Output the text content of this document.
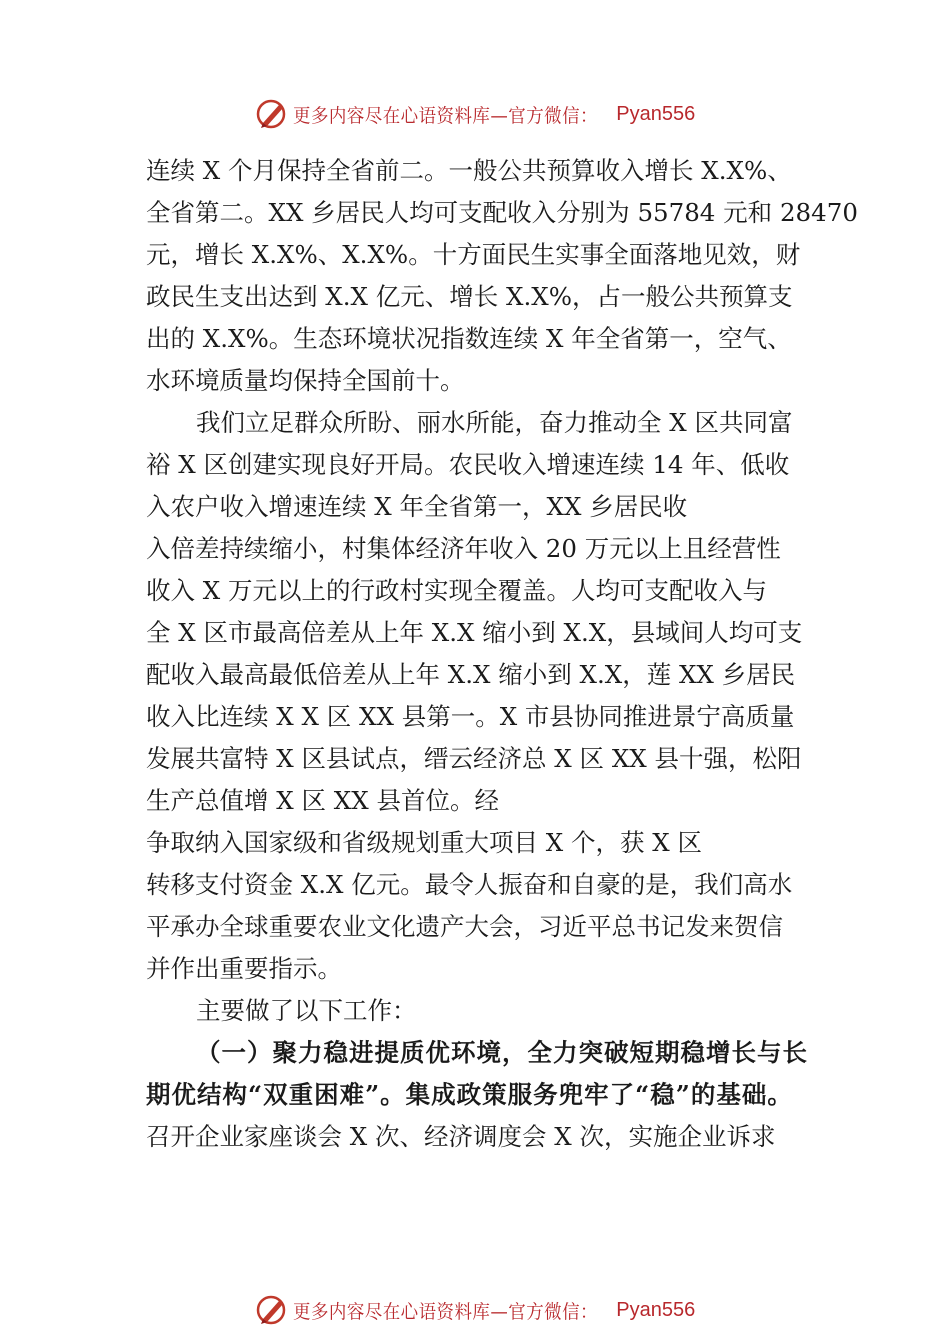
更多内容尽在心语资料库—官方微信： Pyan556
连续 X 个月保持全省前二。一般公共预算收入增长 X.X%、
全省第二。XX 乡居民人均可支配收入分别为 55784 元和 28470
元，增长 X.X%、X.X%。十方面民生实事全面落地见效，财
政民生支出达到 X.X 亿元、增长 X.X%，占一般公共预算支
出的 X.X%。生态环境状况指数连续 X 年全省第一，空气、
水环境质量均保持全国前十。
我们立足群众所盼、丽水所能，奋力推动全 X 区共同富
裕 X 区创建实现良好开局。农民收入增速连续 14 年、低收
入农户收入增速连续 X 年全省第一，XX 乡居民收
入倍差持续缩小，村集体经济年收入 20 万元以上且经营性
收入 X 万元以上的行政村实现全覆盖。人均可支配收入与
全 X 区市最高倍差从上年 X.X 缩小到 X.X，县域间人均可支
配收入最高最低倍差从上年 X.X 缩小到 X.X，莲 XX 乡居民
收入比连续 X X 区 XX 县第一。X 市县协同推进景宁高质量
发展共富特 X 区县试点，缙云经济总 X 区 XX 县十强，松阳
生产总值增 X 区 XX 县首位。经
争取纳入国家级和省级规划重大项目 X 个，获 X 区
转移支付资金 X.X 亿元。最令人振奋和自豪的是，我们高水
平承办全球重要农业文化遗产大会，习近平总书记发来贺信
并作出重要指示。
主要做了以下工作：
（一）聚力稳进提质优环境，全力突破短期稳增长与长
期优结构“双重困难”。集成政策服务兜牢了“稳”的基础。
召开企业家座谈会 X 次、经济调度会 X 次，实施企业诉求
更多内容尽在心语资料库—官方微信： Pyan556
